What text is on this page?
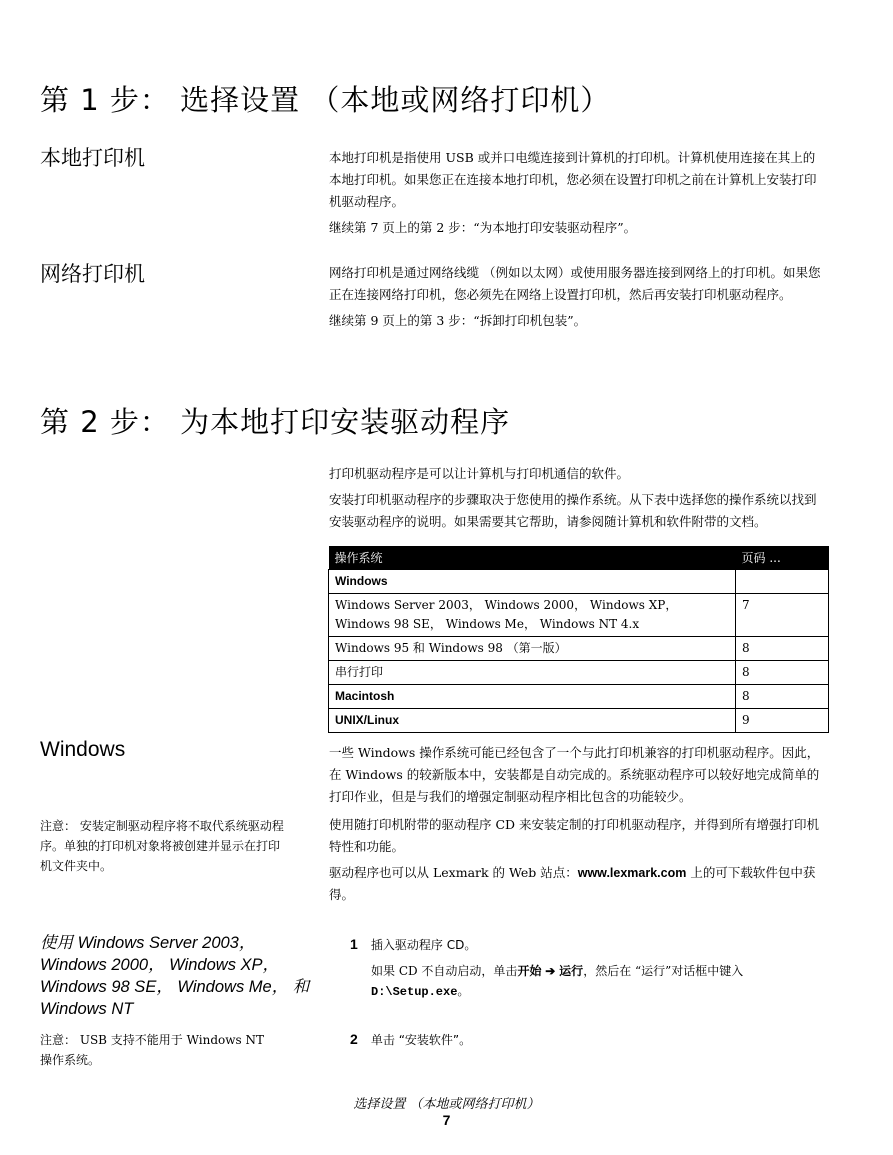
第 1 步： 选择设置 （本地或网络打印机）
本地打印机	本地打印机是指使用 USB 或并口电缆连接到计算机的打印机。计算机使用连接在其上的本地打印机。如果您正在连接本地打印机，您必须在设置打印机之前在计算机上安装打印机驱动程序。

继续第 7 页上的第 2 步：“为本地打印安装驱动程序”。

网络打印机	网络打印机是通过网络线缆 （例如以太网）或使用服务器连接到网络上的打印机。如果您正在连接网络打印机，您必须先在网络上设置打印机，然后再安装打印机驱动程序。

继续第 9 页上的第 3 步：“拆卸打印机包装”。

第 2 步： 为本地打印安装驱动程序

打印机驱动程序是可以让计算机与打印机通信的软件。

安装打印机驱动程序的步骤取决于您使用的操作系统。从下表中选择您的操作系统以找到安装驱动程序的说明。如果需要其它帮助，请参阅随计算机和软件附带的文档。

操作系统	页码 ...
Windows	
Windows Server 2003， Windows 2000， Windows XP，
Windows 98 SE， Windows Me， Windows NT 4.x	7
Windows 95 和 Windows 98 （第一版）	8
串行打印	8
Macintosh	8
UNIX/Linux	9
Windows	一些 Windows 操作系统可能已经包含了一个与此打印机兼容的打印机驱动程序。因此，在 Windows 的较新版本中，安装都是自动完成的。系统驱动程序可以较好地完成简单的打印作业，但是与我们的增强定制驱动程序相比包含的功能较少。

使用随打印机附带的驱动程序 CD 来安装定制的打印机驱动程序，并得到所有增强打印机特性和功能。

驱动程序也可以从 Lexmark 的 Web 站点：www.lexmark.com 上的可下载软件包中获得。

注意： 安装定制驱动程序将不取代系统驱动程序。单独的打印机对象将被创建并显示在打印机文件夹中。
使用 Windows Server 2003， Windows 2000， Windows XP， Windows 98 SE， Windows Me， 和 Windows NT
注意： USB 支持不能用于 Windows NT 操作系统。
1 插入驱动程序 CD。
如果 CD 不自动启动，单击开始 ➔ 运行，然后在 “运行”对话框中键入
D:\Setup.exe。
2 单击 “安装软件”。
选择设置 （本地或网络打印机）
7
